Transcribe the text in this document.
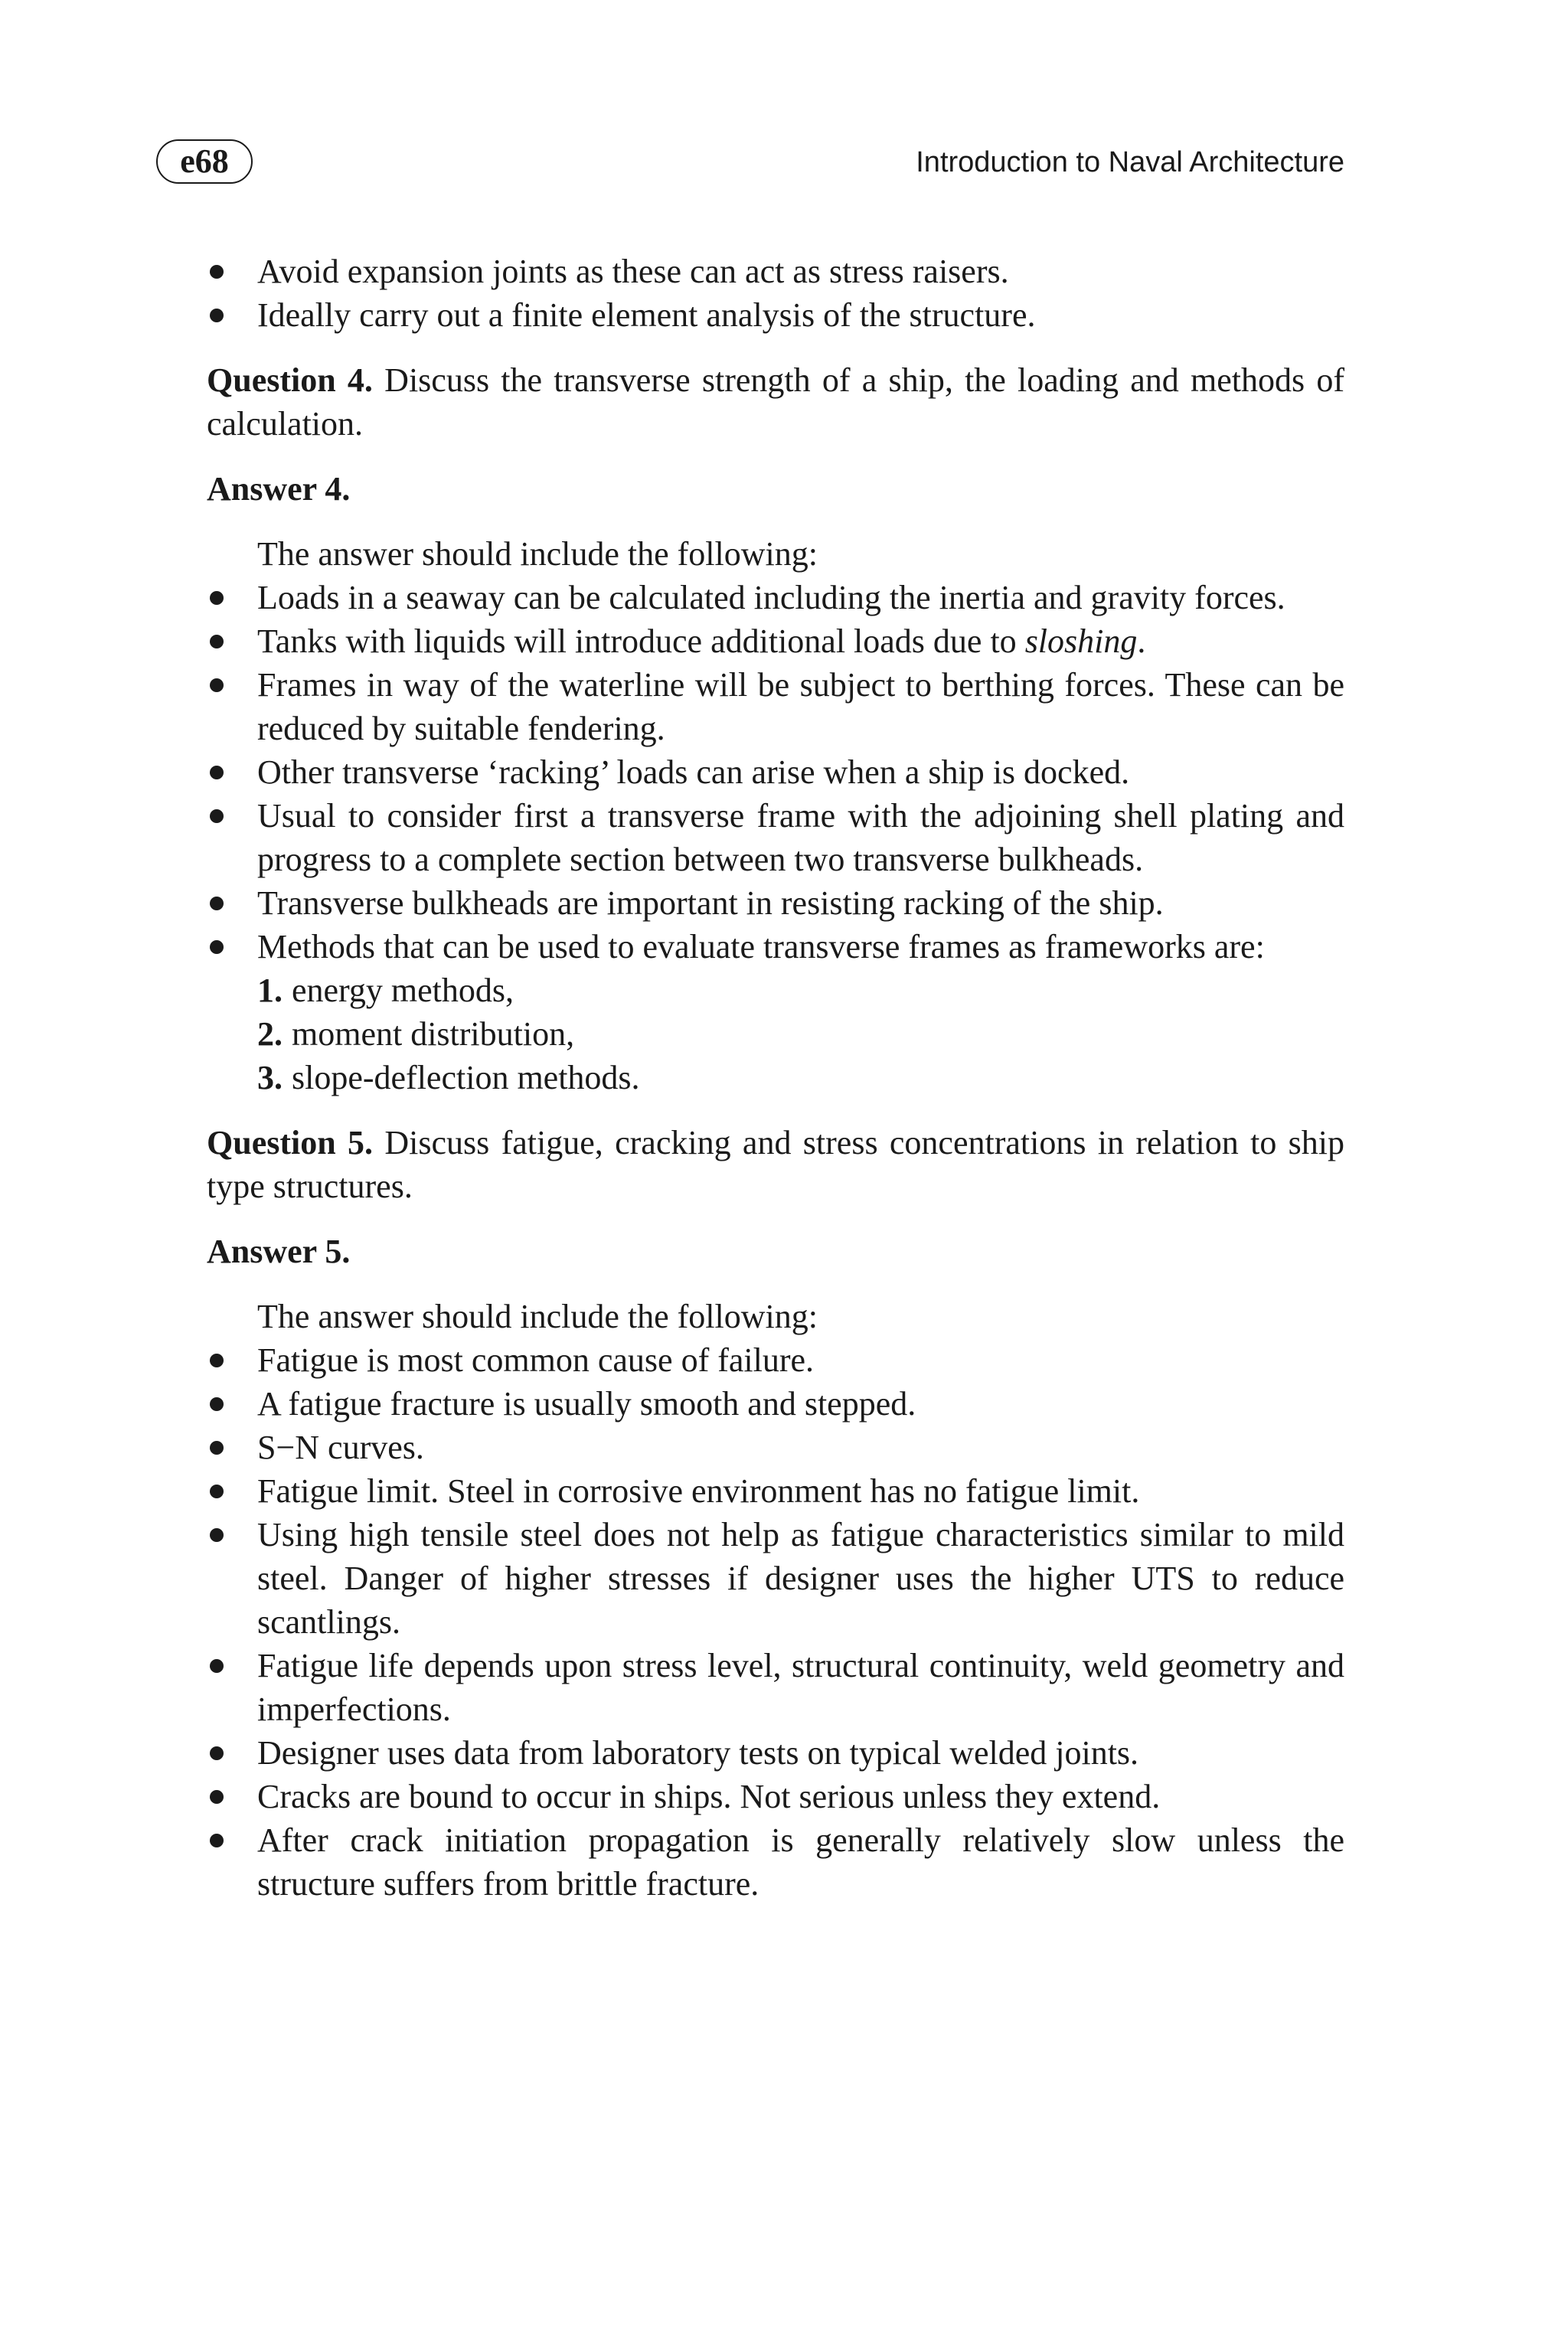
e68	Introduction to Naval Architecture
Avoid expansion joints as these can act as stress raisers.
Ideally carry out a finite element analysis of the structure.

Question 4. Discuss the transverse strength of a ship, the loading and methods of calculation.

Answer 4.

The answer should include the following:

Loads in a seaway can be calculated including the inertia and gravity forces.
Tanks with liquids will introduce additional loads due to sloshing.
Frames in way of the waterline will be subject to berthing forces. These can be reduced by suitable fendering.
Other transverse ‘racking’ loads can arise when a ship is docked.
Usual to consider first a transverse frame with the adjoining shell plating and progress to a complete section between two transverse bulkheads.
Transverse bulkheads are important in resisting racking of the ship.
Methods that can be used to evaluate transverse frames as frameworks are:
1. energy methods,
2. moment distribution,
3. slope-deflection methods.

Question 5. Discuss fatigue, cracking and stress concentrations in relation to ship type structures.

Answer 5.

The answer should include the following:

Fatigue is most common cause of failure.
A fatigue fracture is usually smooth and stepped.
S−N curves.
Fatigue limit. Steel in corrosive environment has no fatigue limit.
Using high tensile steel does not help as fatigue characteristics similar to mild steel. Danger of higher stresses if designer uses the higher UTS to reduce scantlings.
Fatigue life depends upon stress level, structural continuity, weld geometry and imperfections.
Designer uses data from laboratory tests on typical welded joints.
Cracks are bound to occur in ships. Not serious unless they extend.
After crack initiation propagation is generally relatively slow unless the structure suffers from brittle fracture.
